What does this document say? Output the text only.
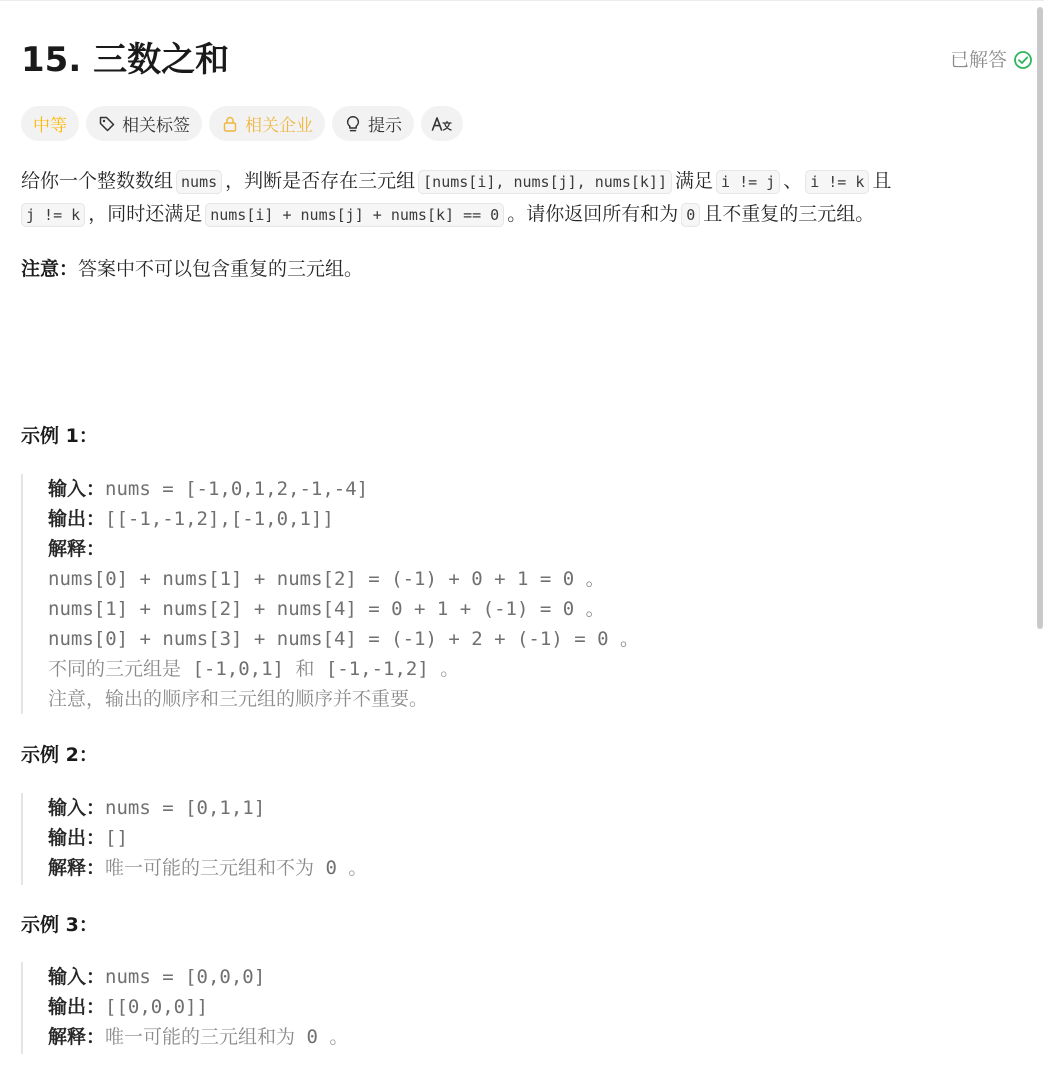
15. 三数之和	已解答
中等	相关标签	相关企业	提示

给你一个整数数组 nums ，判断是否存在三元组 [nums[i], nums[j], nums[k]] 满足 i != j 、 i != k 且
j != k ，同时还满足 nums[i] + nums[j] + nums[k] == 0 。请你返回所有和为 0 且不重复的三元组。

注意：答案中不可以包含重复的三元组。
示例 1：
输入：nums = [-1,0,1,2,-1,-4]
输出：[[-1,-1,2],[-1,0,1]]
解释：
nums[0] + nums[1] + nums[2] = (-1) + 0 + 1 = 0 。
nums[1] + nums[2] + nums[4] = 0 + 1 + (-1) = 0 。
nums[0] + nums[3] + nums[4] = (-1) + 2 + (-1) = 0 。
不同的三元组是 [-1,0,1] 和 [-1,-1,2] 。
注意，输出的顺序和三元组的顺序并不重要。
示例 2：
输入：nums = [0,1,1]
输出：[]
解释：唯一可能的三元组和不为 0 。
示例 3：
输入：nums = [0,0,0]
输出：[[0,0,0]]
解释：唯一可能的三元组和为 0 。
